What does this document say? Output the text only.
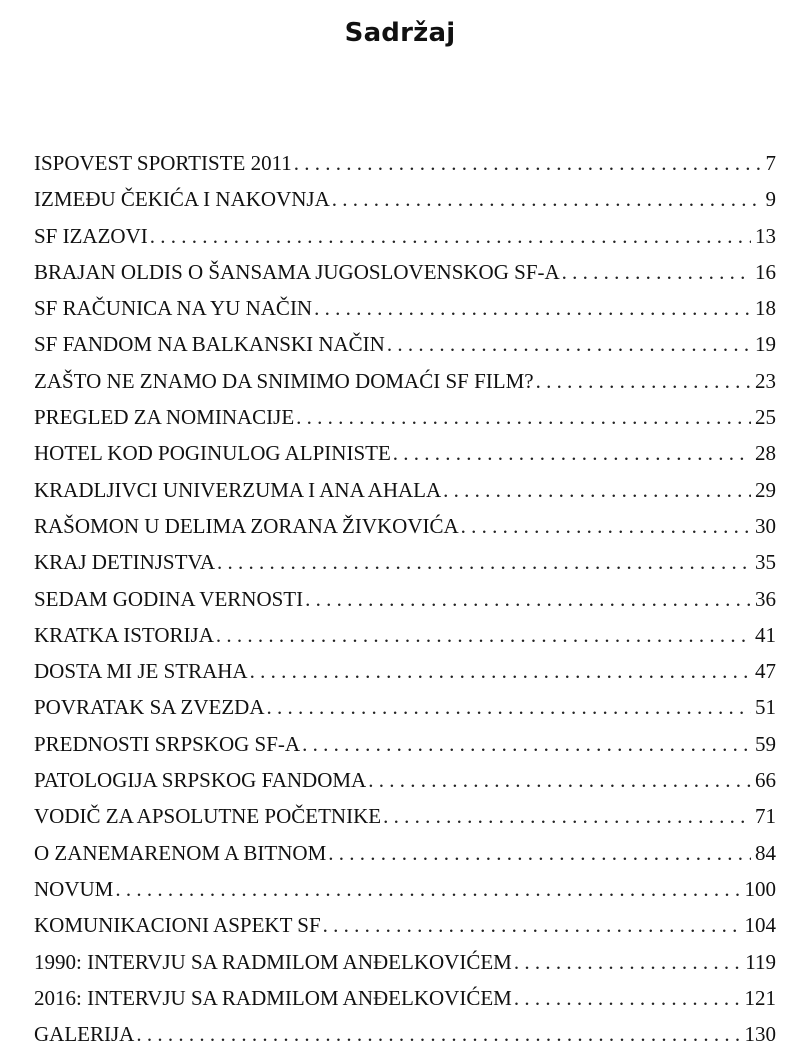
Sadržaj
ISPOVEST SPORTISTE 2011 . . .	7
IZMEĐU ČEKIĆA I NAKOVNJA . . .	9
SF IZAZOVI . . .	13
BRAJAN OLDIS O ŠANSAMA JUGOSLOVENSKOG SF-A . . .	16
SF RAČUNICA NA YU NAČIN . . .	18
SF FANDOM NA BALKANSKI NAČIN . . .	19
ZAŠTO NE ZNAMO DA SNIMIMO DOMAĆI SF FILM? . . .	23
PREGLED ZA NOMINACIJE . . .	25
HOTEL KOD POGINULOG ALPINISTE . . .	28
KRADLJIVCI UNIVERZUMA I ANA AHALA . . .	29
RAŠOMON U DELIMA ZORANA ŽIVKOVIĆA . . .	30
KRAJ DETINJSTVA . . .	35
SEDAM GODINA VERNOSTI . . .	36
KRATKA ISTORIJA . . .	41
DOSTA MI JE STRAHA . . .	47
POVRATAK SA ZVEZDA . . .	51
PREDNOSTI SRPSKOG SF-A . . .	59
PATOLOGIJA SRPSKOG FANDOMA . . .	66
VODIČ ZA APSOLUTNE POČETNIKE . . .	71
O ZANEMARENOM A BITNOM . . .	84
NOVUM . . .	100
KOMUNIKACIONI ASPEKT SF . . .	104
1990: INTERVJU SA RADMILOM ANĐELKOVIĆEM . . .	119
2016: INTERVJU SA RADMILOM ANĐELKOVIĆEM . . .	121
GALERIJA . . .	130
